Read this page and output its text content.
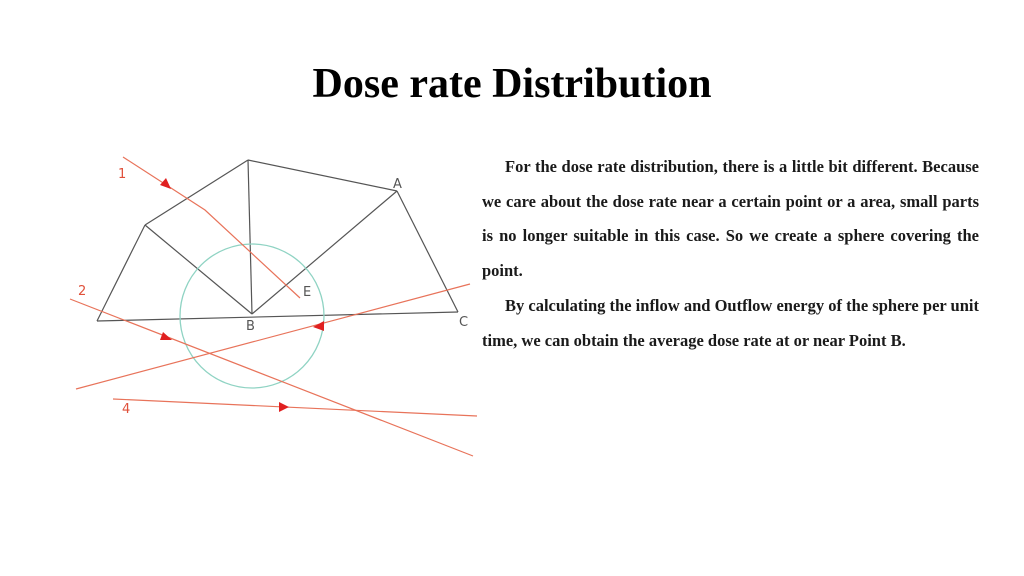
Dose rate Distribution
A
B	C
E
1
2
4

For the dose rate distribution, there is a little bit different. Because we care about the dose rate near a certain point or a area, small parts is no longer suitable in this case. So we create a sphere covering the point.

By calculating the inflow and Outflow energy of the sphere per unit time, we can obtain the average dose rate at or near Point B.
